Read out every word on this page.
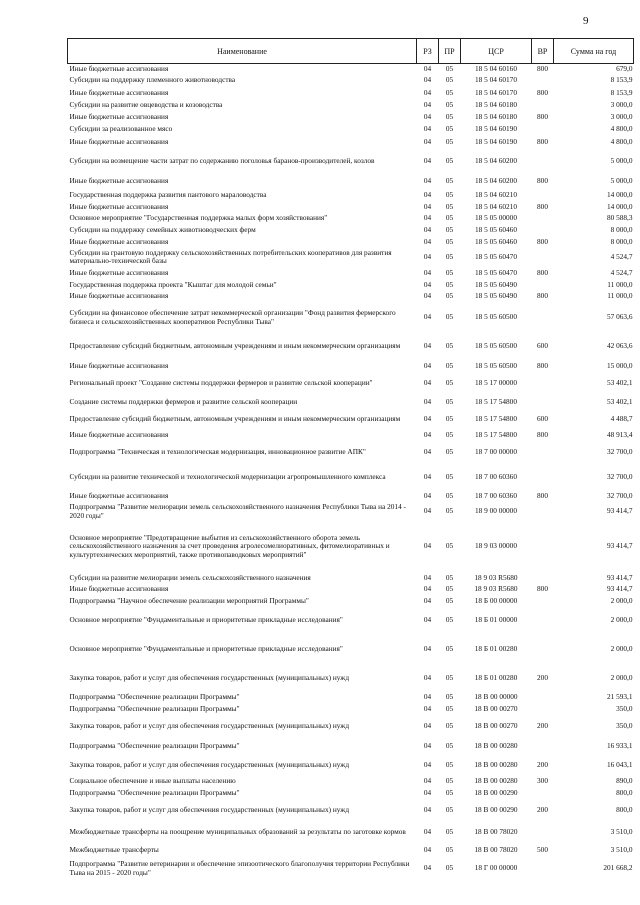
9
Наименование	РЗ	ПР	ЦСР	ВР	Сумма на год
Иные бюджетные ассигнования	04	05	18 5 04 60160	800	679,0
Субсидии на поддержку племенного животноводства	04	05	18 5 04 60170		8 153,9
Иные бюджетные ассигнования	04	05	18 5 04 60170	800	8 153,9
Субсидии на развитие овцеводства и козоводства	04	05	18 5 04 60180		3 000,0
Иные бюджетные ассигнования	04	05	18 5 04 60180	800	3 000,0
Субсидии за реализованное мясо	04	05	18 5 04 60190		4 800,0
Иные бюджетные ассигнования	04	05	18 5 04 60190	800	4 800,0
Субсидии на возмещение части затрат по содержанию поголовья баранов-производителей, козлов	04	05	18 5 04 60200		5 000,0
Иные бюджетные ассигнования	04	05	18 5 04 60200	800	5 000,0
Государственная поддержка развития пантового мараловодства	04	05	18 5 04 60210		14 000,0
Иные бюджетные ассигнования	04	05	18 5 04 60210	800	14 000,0
Основное мероприятие "Государственная поддержка малых форм хозяйствования"	04	05	18 5 05 00000		80 588,3
Субсидии на поддержку семейных животноводческих ферм	04	05	18 5 05 60460		8 000,0
Иные бюджетные ассигнования	04	05	18 5 05 60460	800	8 000,0
Субсидии на грантовую поддержку сельскохозяйственных потребительских кооперативов для развития материально-технической базы	04	05	18 5 05 60470		4 524,7
Иные бюджетные ассигнования	04	05	18 5 05 60470	800	4 524,7
Государственная поддержка проекта "Кыштаг для молодой семьи"	04	05	18 5 05 60490		11 000,0
Иные бюджетные ассигнования	04	05	18 5 05 60490	800	11 000,0
Субсидии на финансовое обеспечение затрат некоммерческой организации "Фонд развития фермерского бизнеса и сельскохозяйственных кооперативов Республики Тыва"	04	05	18 5 05 60500		57 063,6
Предоставление субсидий бюджетным, автономным учреждениям и иным некоммерческим организациям	04	05	18 5 05 60500	600	42 063,6
Иные бюджетные ассигнования	04	05	18 5 05 60500	800	15 000,0
Региональный проект "Создание системы поддержки фермеров и развитие сельской кооперации"	04	05	18 5 17 00000		53 402,1
Создание системы поддержки фермеров и развитие сельской кооперации	04	05	18 5 17 54800		53 402,1
Предоставление субсидий бюджетным, автономным учреждениям и иным некоммерческим организациям	04	05	18 5 17 54800	600	4 488,7
Иные бюджетные ассигнования	04	05	18 5 17 54800	800	48 913,4
Подпрограмма "Техническая и технологическая модернизация, инновационное развитие АПК"	04	05	18 7 00 00000		32 700,0
Субсидии на развитие технической и технологической модернизации агропромышленного комплекса	04	05	18 7 00 60360		32 700,0
Иные бюджетные ассигнования	04	05	18 7 00 60360	800	32 700,0
Подпрограмма "Развитие мелиорации земель сельскохозяйственного назначения Республики Тыва на 2014 - 2020 годы"	04	05	18 9 00 00000		93 414,7
Основное мероприятие "Предотвращение выбытия из сельскохозяйственного оборота земель сельскохозяйственного назначения за счет проведения агролесомелиоративных, фитомелиоративных и культуртехнических мероприятий, также противопаводковых мероприятий"	04	05	18 9 03 00000		93 414,7
Субсидии на развитие мелиорации земель сельскохозяйственного назначения	04	05	18 9 03 R5680		93 414,7
Иные бюджетные ассигнования	04	05	18 9 03 R5680	800	93 414,7
Подпрограмма "Научное обеспечение реализации мероприятий Программы"	04	05	18 Б 00 00000		2 000,0
Основное мероприятие "Фундаментальные и приоритетные прикладные исследования"	04	05	18 Б 01 00000		2 000,0
Основное мероприятие "Фундаментальные и приоритетные прикладные исследования"	04	05	18 Б 01 00280		2 000,0
Закупка товаров, работ и услуг для обеспечения государственных (муниципальных) нужд	04	05	18 Б 01 00280	200	2 000,0
Подпрограмма "Обеспечение реализации Программы"	04	05	18 В 00 00000		21 593,1
Подпрограмма "Обеспечение реализации Программы"	04	05	18 В 00 00270		350,0
Закупка товаров, работ и услуг для обеспечения государственных (муниципальных) нужд	04	05	18 В 00 00270	200	350,0
Подпрограмма "Обеспечение реализации Программы"	04	05	18 В 00 00280		16 933,1
Закупка товаров, работ и услуг для обеспечения государственных (муниципальных) нужд	04	05	18 В 00 00280	200	16 043,1
Социальное обеспечение и иные выплаты населению	04	05	18 В 00 00280	300	890,0
Подпрограмма "Обеспечение реализации Программы"	04	05	18 В 00 00290		800,0
Закупка товаров, работ и услуг для обеспечения государственных (муниципальных) нужд	04	05	18 В 00 00290	200	800,0
Межбюджетные трансферты на поощрение муниципальных образований за результаты по заготовке кормов	04	05	18 В 00 78020		3 510,0
Межбюджетные трансферты	04	05	18 В 00 78020	500	3 510,0
Подпрограмма "Развитие ветеринарии и обеспечение эпизоотического благополучия территории Республики Тыва на 2015 - 2020 годы"	04	05	18 Г 00 00000		201 668,2
